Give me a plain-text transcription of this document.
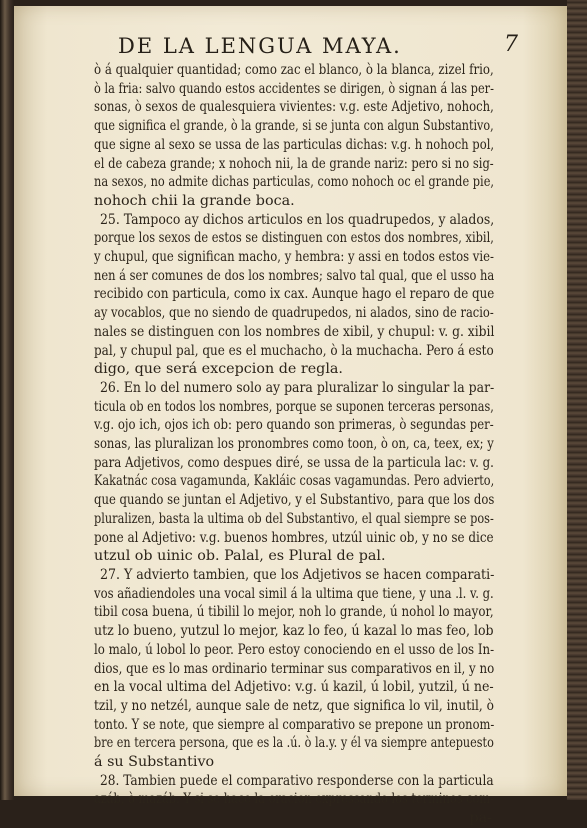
DE LA LENGUA MAYA.	7
ò á qualquier quantidad; como zac el blanco, ò la blanca, zizel frio,
ò la fria: salvo quando estos accidentes se dirigen, ò signan á las per-
sonas, ò sexos de qualesquiera vivientes: v.g. este Adjetivo, nohoch,
que significa el grande, ò la grande, si se junta con algun Substantivo,
que signe al sexo se ussa de las particulas dichas: v.g. h nohoch pol,
el de cabeza grande; x nohoch nii, la de grande nariz: pero si no sig-
na sexos, no admite dichas particulas, como nohoch oc el grande pie,
nohoch chii la grande boca.
25. Tampoco ay dichos articulos en los quadrupedos, y alados,
porque los sexos de estos se distinguen con estos dos nombres, xibil,
y chupul, que significan macho, y hembra: y assi en todos estos vie-
nen á ser comunes de dos los nombres; salvo tal qual, que el usso ha
recibido con particula, como ix cax. Aunque hago el reparo de que
ay vocablos, que no siendo de quadrupedos, ni alados, sino de racio-
nales se distinguen con los nombres de xibil, y chupul: v. g. xibil
pal, y chupul pal, que es el muchacho, ò la muchacha. Pero á esto
digo, que será excepcion de regla.
26. En lo del numero solo ay para pluralizar lo singular la par-
ticula ob en todos los nombres, porque se suponen terceras personas,
v.g. ojo ich, ojos ich ob: pero quando son primeras, ò segundas per-
sonas, las pluralizan los pronombres como toon, ò on, ca, teex, ex; y
para Adjetivos, como despues diré, se ussa de la particula lac: v. g.
Kakatnác cosa vagamunda, Kakláic cosas vagamundas. Pero advierto,
que quando se juntan el Adjetivo, y el Substantivo, para que los dos
pluralizen, basta la ultima ob del Substantivo, el qual siempre se pos-
pone al Adjetivo: v.g. buenos hombres, utzúl uinic ob, y no se dice
utzul ob uinic ob. Palal, es Plural de pal.
27. Y advierto tambien, que los Adjetivos se hacen comparati-
vos añadiendoles una vocal simil á la ultima que tiene, y una .l. v. g.
tibil cosa buena, ú tibilil lo mejor, noh lo grande, ú nohol lo mayor,
utz lo bueno, yutzul lo mejor, kaz lo feo, ú kazal lo mas feo, lob
lo malo, ú lobol lo peor. Pero estoy conociendo en el usso de los In-
dios, que es lo mas ordinario terminar sus comparativos en il, y no
en la vocal ultima del Adjetivo: v.g. ú kazil, ú lobil, yutzil, ú ne-
tzil, y no netzél, aunque sale de netz, que significa lo vil, inutil, ò
tonto. Y se note, que siempre al comparativo se prepone un pronom-
bre en tercera persona, que es la .ú. ò la.y. y él va siempre antepuesto
á su Substantivo
28. Tambien puede el comparativo responderse con la particula
azáb, ò mazáb. Y si se hace la oracion expressando los terminos com-
pa-
